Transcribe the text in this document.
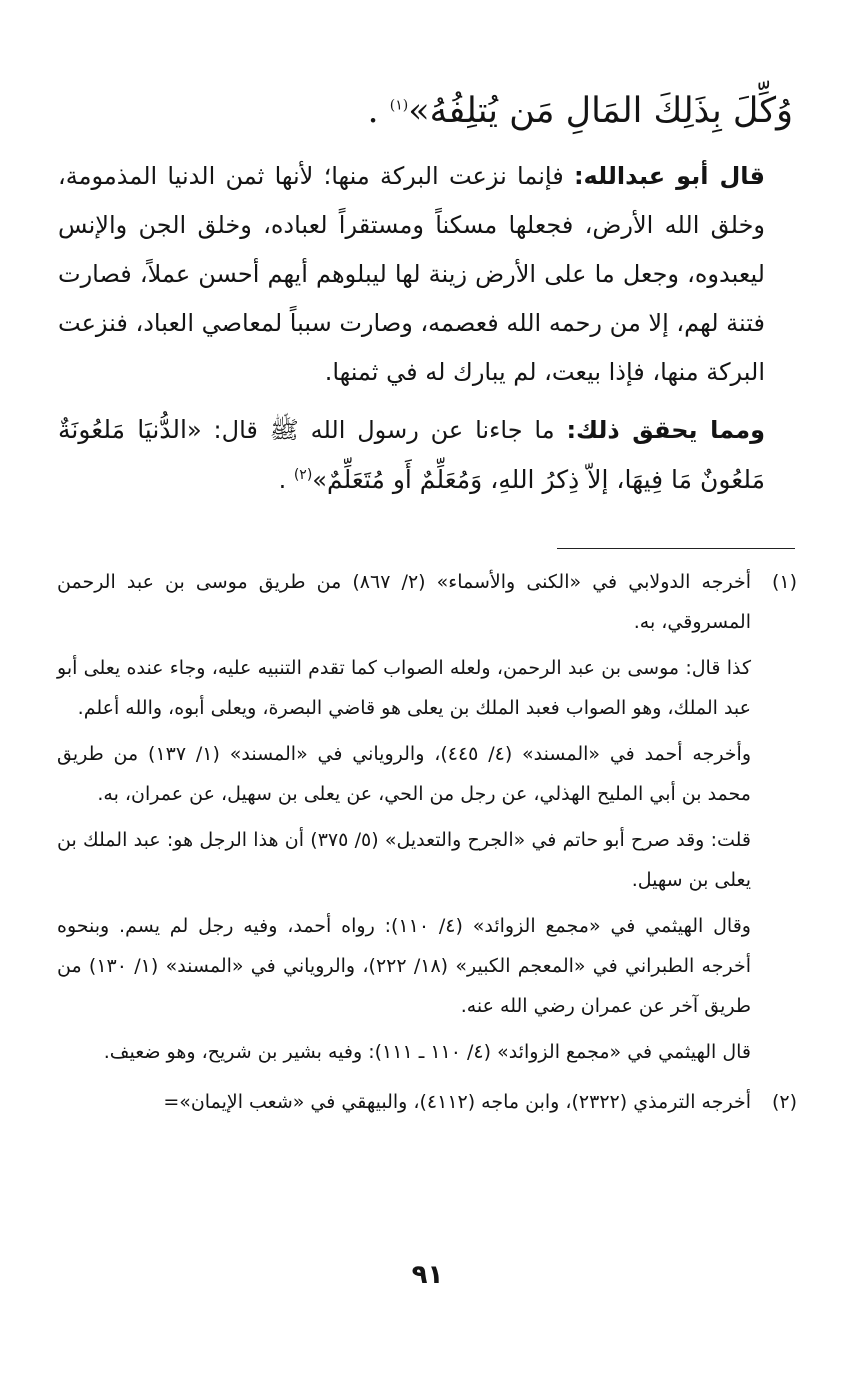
وُكِّلَ بِذَلِكَ المَالِ مَن يُتلِفُهُ»$^{(١)}$ .

قال أبو عبدالله: فإنما نزعت البركة منها؛ لأنها ثمن الدنيا المذمومة، وخلق الله الأرض، فجعلها مسكناً ومستقراً لعباده، وخلق الجن والإنس ليعبدوه، وجعل ما على الأرض زينة لها ليبلوهم أيهم أحسن عملاً، فصارت فتنة لهم، إلا من رحمه الله فعصمه، وصارت سبباً لمعاصي العباد، فنزعت البركة منها، فإذا بيعت، لم يبارك له في ثمنها.

ومما يحقق ذلك: ما جاءنا عن رسول الله ﷺ قال: «الدُّنيَا مَلعُونَةٌ مَلعُونٌ مَا فِيهَا، إلاّ ذِكرُ اللهِ، وَمُعَلِّمٌ أَو مُتَعَلِّمٌ»$^{(٢)}$ .

(١)

أخرجه الدولابي في «الكنى والأسماء» (٢/ ٨٦٧) من طريق موسى بن عبد الرحمن المسروقي، به.

كذا قال: موسى بن عبد الرحمن، ولعله الصواب كما تقدم التنبيه عليه، وجاء عنده يعلى أبو عبد الملك، وهو الصواب فعبد الملك بن يعلى هو قاضي البصرة، ويعلى أبوه، والله أعلم.

وأخرجه أحمد في «المسند» (٤/ ٤٤٥)، والروياني في «المسند» (١/ ١٣٧) من طريق محمد بن أبي المليح الهذلي، عن رجل من الحي، عن يعلى بن سهيل، عن عمران، به.

قلت: وقد صرح أبو حاتم في «الجرح والتعديل» (٥/ ٣٧٥) أن هذا الرجل هو: عبد الملك بن يعلى بن سهيل.

وقال الهيثمي في «مجمع الزوائد» (٤/ ١١٠): رواه أحمد، وفيه رجل لم يسم. وبنحوه أخرجه الطبراني في «المعجم الكبير» (١٨/ ٢٢٢)، والروياني في «المسند» (١/ ١٣٠) من طريق آخر عن عمران رضي الله عنه.

قال الهيثمي في «مجمع الزوائد» (٤/ ١١٠ ـ ١١١): وفيه بشير بن شريح، وهو ضعيف.

(٢)

أخرجه الترمذي (٢٣٢٢)، وابن ماجه (٤١١٢)، والبيهقي في «شعب الإيمان»=

٩١
